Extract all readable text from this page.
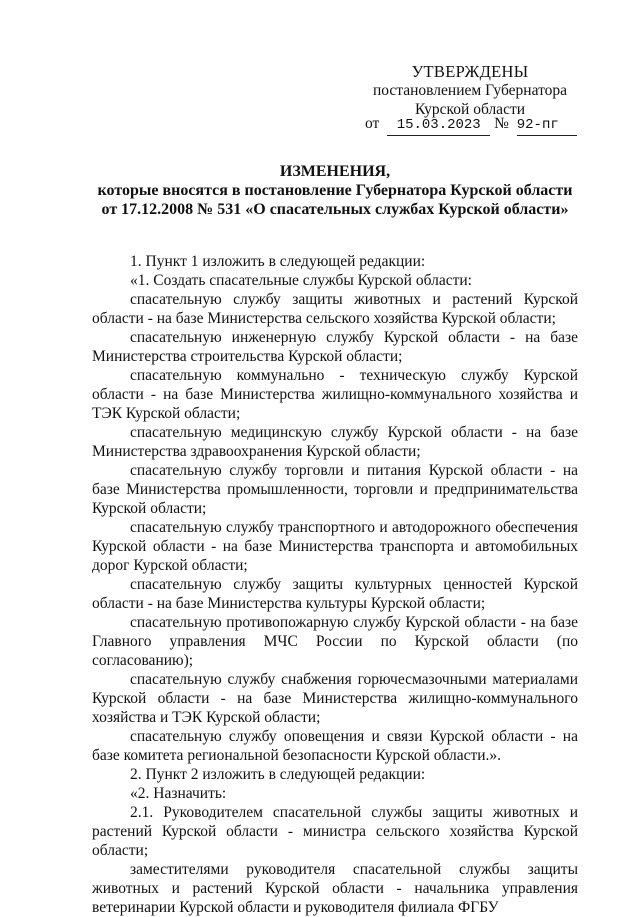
УТВЕРЖДЕНЫ
постановлением Губернатора
Курской области
от 15.03.2023 № 92-пг
ИЗМЕНЕНИЯ,
которые вносятся в постановление Губернатора Курской области от 17.12.2008 № 531 «О спасательных службах Курской области»

1. Пункт 1 изложить в следующей редакции:

«1. Создать спасательные службы Курской области:

спасательную службу защиты животных и растений Курской области - на базе Министерства сельского хозяйства Курской области;

спасательную инженерную службу Курской области - на базе Министерства строительства Курской области;

спасательную коммунально - техническую службу Курской области - на базе Министерства жилищно-коммунального хозяйства и ТЭК Курской области;

спасательную медицинскую службу Курской области - на базе Министерства здравоохранения Курской области;

спасательную службу торговли и питания Курской области - на базе Министерства промышленности, торговли и предпринимательства Курской области;

спасательную службу транспортного и автодорожного обеспечения Курской области - на базе Министерства транспорта и автомобильных дорог Курской области;

спасательную службу защиты культурных ценностей Курской области - на базе Министерства культуры Курской области;

спасательную противопожарную службу Курской области - на базе Главного управления МЧС России по Курской области (по согласованию);

спасательную службу снабжения горючесмазочными материалами Курской области - на базе Министерства жилищно-коммунального хозяйства и ТЭК Курской области;

спасательную службу оповещения и связи Курской области - на базе комитета региональной безопасности Курской области.».

2. Пункт 2 изложить в следующей редакции:

«2. Назначить:

2.1. Руководителем спасательной службы защиты животных и растений Курской области - министра сельского хозяйства Курской области;

заместителями руководителя спасательной службы защиты животных и растений Курской области - начальника управления ветеринарии Курской области и руководителя филиала ФГБУ
